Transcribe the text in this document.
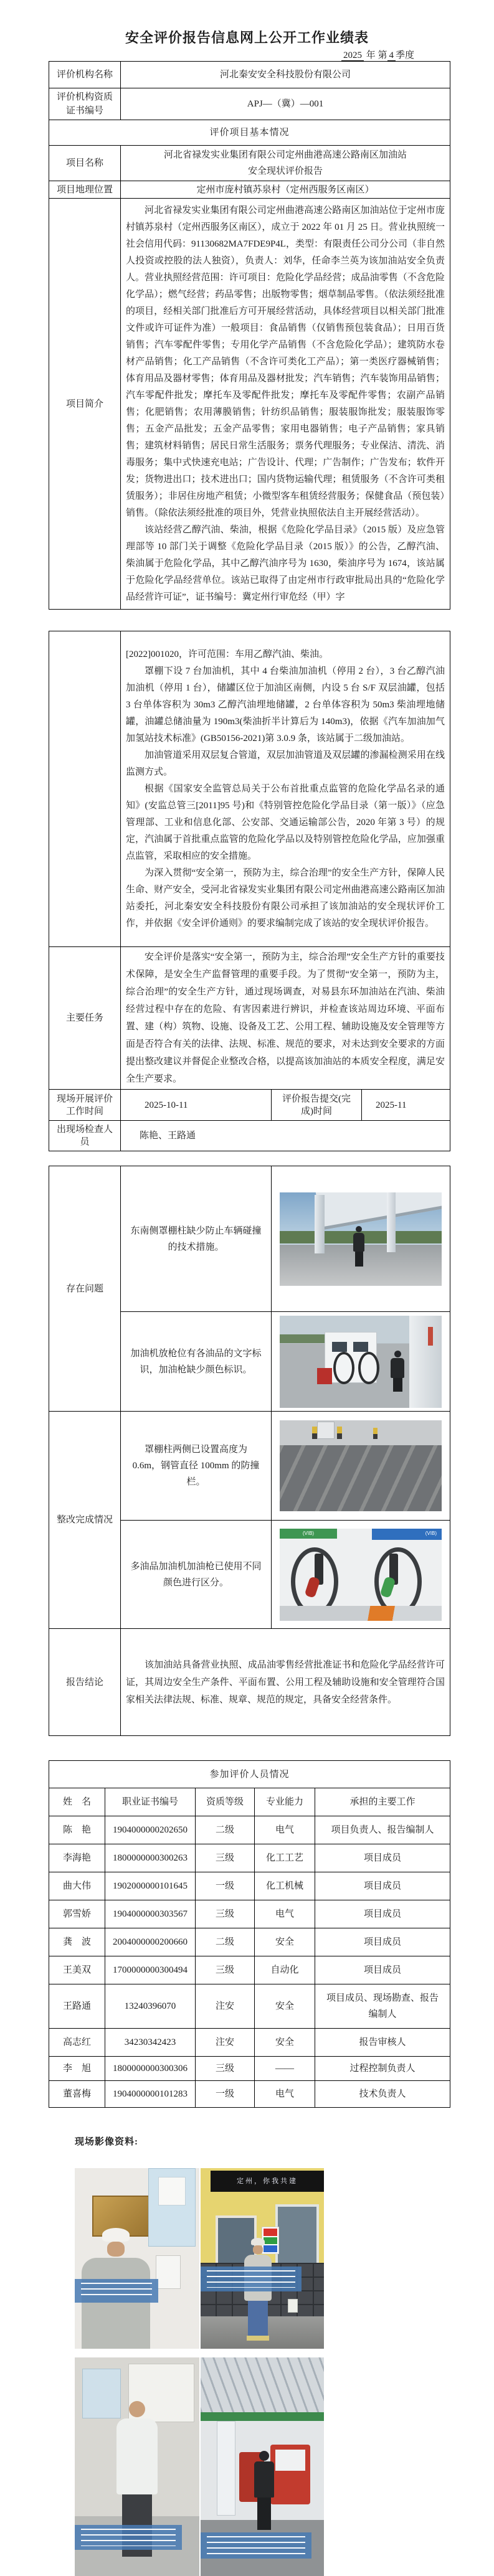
安全评价报告信息网上公开工作业绩表
2025 年 第 4 季度
评价机构名称	河北秦安安全科技股份有限公司
评价机构资质证书编号	APJ—（冀）—001
评价项目基本情况	
项目名称	河北省禄发实业集团有限公司定州曲港高速公路南区加油站
安全现状评价报告

项目地理位置	定州市庞村镇苏泉村（定州西服务区南区）
项目简介	河北省禄发实业集团有限公司定州曲港高速公路南区加油站位于定州市庞村镇苏泉村（定州西服务区南区），成立于 2022 年 01 月 25 日。营业执照统一社会信用代码：91130682MA7FDE9P4L，类型：有限责任公司分公司（非自然人投资或控股的法人独资），负责人：刘华，任命李兰英为该加油站安全负责人。营业执照经营范围：许可项目：危险化学品经营；成品油零售（不含危险化学品）；燃气经营；药品零售；出版物零售；烟草制品零售。（依法须经批准的项目，经相关部门批准后方可开展经营活动，具体经营项目以相关部门批准文件或许可证件为准）一般项目：食品销售（仅销售预包装食品）；日用百货销售；汽车零配件零售；专用化学产品销售（不含危险化学品）；建筑防水卷材产品销售；化工产品销售（不含许可类化工产品）；第一类医疗器械销售；体育用品及器材零售；体育用品及器材批发；汽车销售；汽车装饰用品销售；汽车零配件批发；摩托车及零配件批发；摩托车及零配件零售；农副产品销售；化肥销售；农用薄膜销售；针纺织品销售；服装服饰批发；服装服饰零售；五金产品批发；五金产品零售；家用电器销售；电子产品销售；家具销售；建筑材料销售；居民日常生活服务；票务代理服务；专业保洁、清洗、消毒服务；集中式快速充电站；广告设计、代理；广告制作；广告发布；软件开发；货物进出口；技术进出口；国内货物运输代理；租赁服务（不含许可类租赁服务）；非居住房地产租赁；小微型客车租赁经营服务；保健食品（预包装）销售。（除依法须经批准的项目外，凭营业执照依法自主开展经营活动）。

该站经营乙醇汽油、柴油，根据《危险化学品目录》（2015 版）及应急管理部等 10 部门关于调整《危险化学品目录（2015 版）》的公告，乙醇汽油、柴油属于危险化学品，其中乙醇汽油序号为 1630，柴油序号为 1674，该站属于危险化学品经营单位。该站已取得了由定州市行政审批局出具的“危险化学品经营许可证”，证书编号：冀定州行审危经（甲）字

	[2022]001020，许可范围：车用乙醇汽油、柴油。

罩棚下设 7 台加油机，其中 4 台柴油加油机（停用 2 台），3 台乙醇汽油加油机（停用 1 台），储罐区位于加油区南侧，内设 5 台 S/F 双层油罐，包括 3 台单体容积为 30m3 乙醇汽油埋地储罐，2 台单体容积为 50m3 柴油埋地储罐，油罐总储油量为 190m3(柴油折半计算后为 140m3)，依据《汽车加油加气加氢站技术标准》(GB50156-2021)第 3.0.9 条，该站属于二级加油站。

加油管道采用双层复合管道，双层加油管道及双层罐的渗漏检测采用在线监测方式。

根据《国家安全监管总局关于公布首批重点监管的危险化学品名录的通知》(安监总管三[2011]95 号)和《特别管控危险化学品目录（第一版）》（应急管理部、工业和信息化部、公安部、交通运输部公告，2020 年第 3 号）的规定，汽油属于首批重点监管的危险化学品以及特别管控危险化学品，应加强重点监管，采取相应的安全措施。

为深入贯彻“安全第一，预防为主，综合治理”的安全生产方针，保障人民生命、财产安全，受河北省禄发实业集团有限公司定州曲港高速公路南区加油站委托，河北秦安安全科技股份有限公司承担了该加油站的安全现状评价工作，并依据《安全评价通则》的要求编制完成了该站的安全现状评价报告。		

主要任务	安全评价是落实“安全第一，预防为主，综合治理”安全生产方针的重要技术保障，是安全生产监督管理的重要手段。为了贯彻“安全第一，预防为主，综合治理”的安全生产方针，通过现场调查，对易县东环加油站在汽油、柴油经营过程中存在的危险、有害因素进行辨识，并检查该站周边环境、平面布置、建（构）筑物、设施、设备及工艺、公用工程、辅助设施及安全管理等方面是否符合有关的法律、法规、标准、规范的要求，对未达到安全要求的方面提出整改建议并督促企业整改合格，以提高该加油站的本质安全程度，满足安全生产要求。		

现场开展评价工作时间	2025-10-11	评价报告提交(完成)时间	2025-11
出现场检查人员	陈艳、王路通		
存在问题	东南侧罩棚柱缺少防止车辆碰撞的技术措施。	

	加油机放枪位有各油品的文字标识，加油枪缺少颜色标识。	

整改完成情况	罩棚柱两侧已设置高度为 0.6m，钢管直径 100mm 的防撞栏。	

	多油品加油机加油枪已使用不同颜色进行区分。	(VIB) (VIB)

报告结论	该加油站具备营业执照、成品油零售经营批准证书和危险化学品经营许可证，其周边安全生产条件、平面布置、公用工程及辅助设施和安全管理符合国家相关法律法规、标准、规章、规范的规定，具备安全经营条件。	

参加评价人员情况				
姓　名	职业证书编号	资质等级	专业能力	承担的主要工作
陈　艳	1904000000202650	二级	电气	项目负责人、报告编制人
李海艳	1800000000300263	三级	化工工艺	项目成员
曲大伟	1902000000101645	一级	化工机械	项目成员
郭雪娇	1904000000303567	三级	电气	项目成员
龚　波	2004000000200660	二级	安全	项目成员
王美双	1700000000300494	三级	自动化	项目成员
王路通	13240396070	注安	安全	项目成员、现场勘查、报告编制人
高志红	34230342423	注安	安全	报告审核人
李　旭	1800000000300306	三级	——	过程控制负责人
董喜梅	1904000000101283	一级	电气	技术负责人
现场影像资料:
定州，你我共建
